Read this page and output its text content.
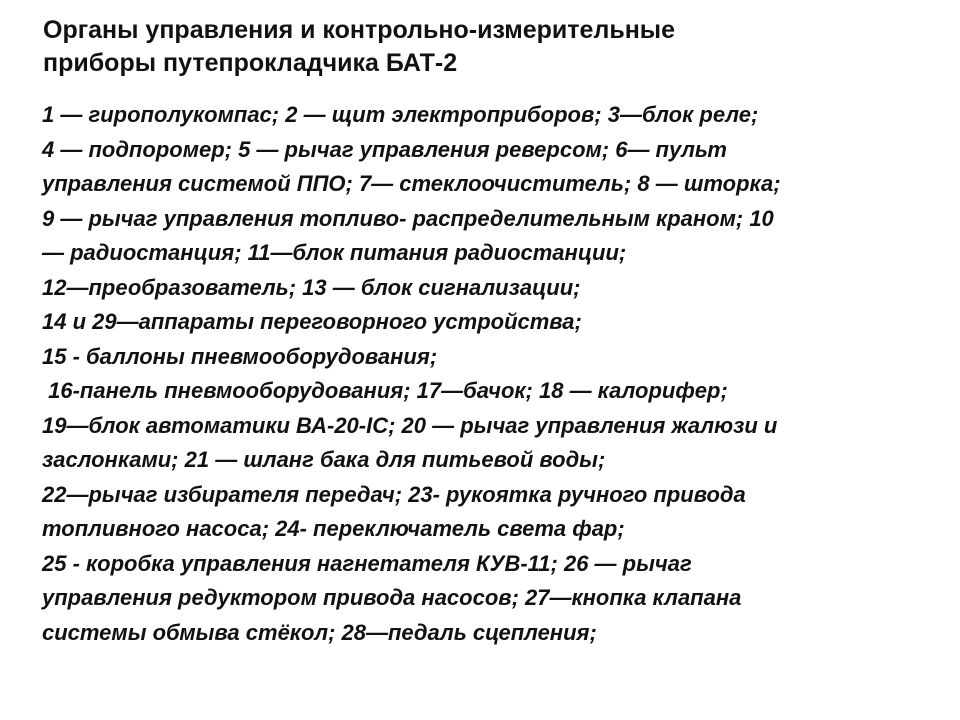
Органы управления и контрольно-измерительные
приборы путепрокладчика БАТ-2
1 — гирополукомпас; 2 — щит электроприборов; 3—блок реле;
4 — подпоромер; 5 — рычаг управления реверсом; 6— пульт
управления системой ППО; 7— стеклоочиститель; 8 — шторка;
9 — рычаг управления топливо- распределительным краном; 10
— радиостанция; 11—блок питания радиостанции;
12—преобразователь; 13 — блок сигнализации;
14 и 29—аппараты переговорного устройства;
15 - баллоны пневмооборудования;
16-панель пневмооборудования; 17—бачок; 18 — калорифер;
19—блок автоматики ВА-20-IC; 20 — рычаг управления жалюзи и
заслонками; 21 — шланг бака для питьевой воды;
22—рычаг избирателя передач; 23- рукоятка ручного привода
топливного насоса; 24- переключатель света фар;
25 - коробка управления нагнетателя КУВ-11; 26 — рычаг
управления редуктором привода насосов; 27—кнопка клапана
системы обмыва стёкол; 28—педаль сцепления;
